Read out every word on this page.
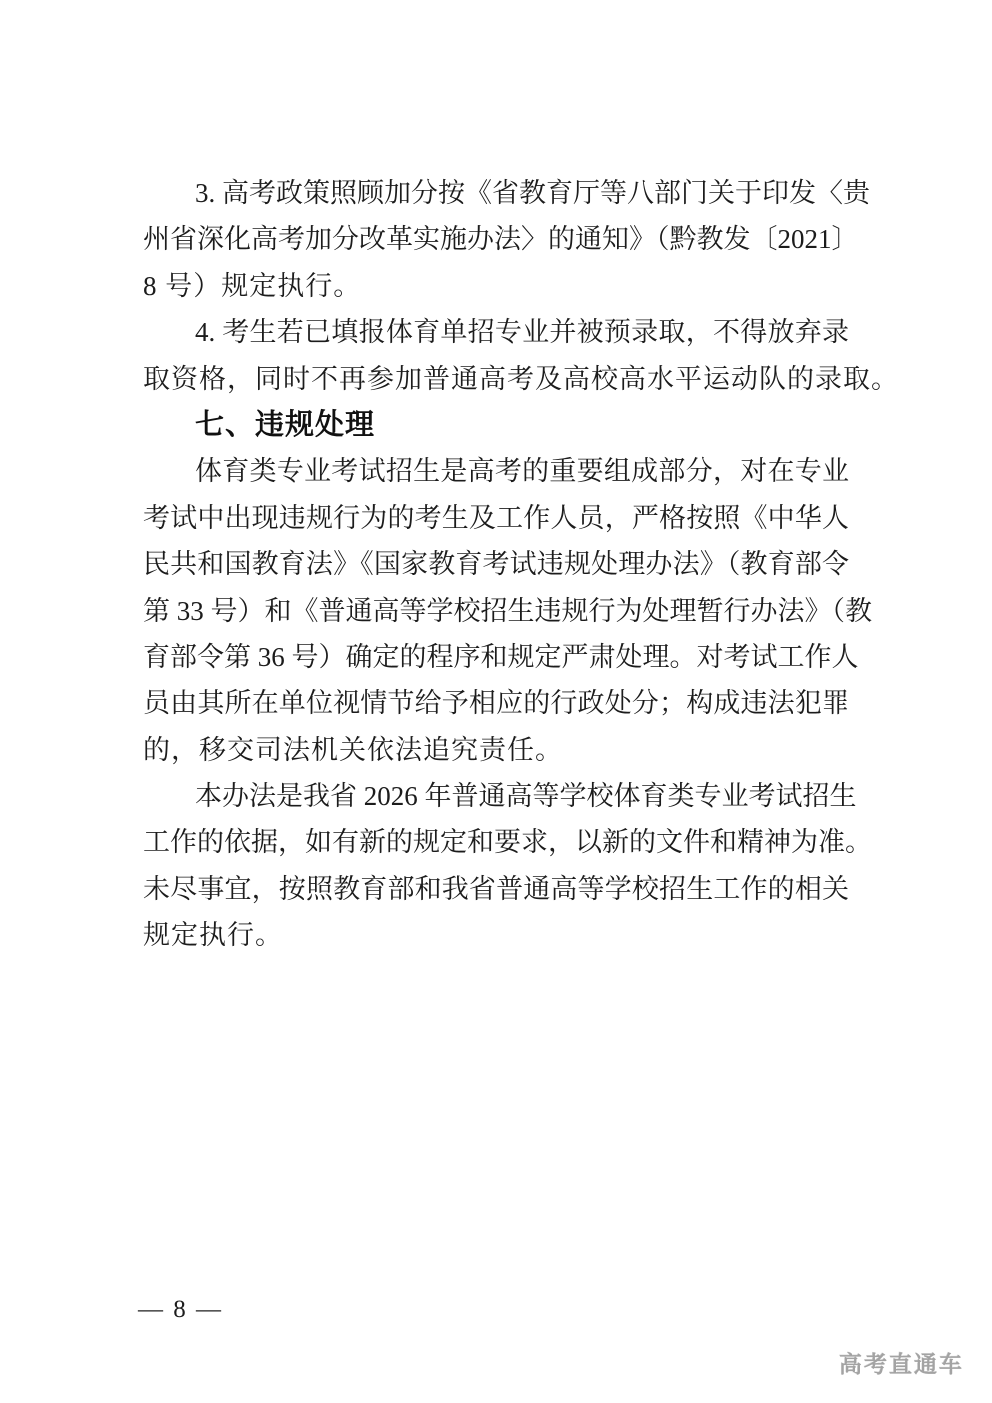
3. 高考政策照顾加分按《省教育厅等八部门关于印发〈贵
州省深化高考加分改革实施办法〉的通知》（黔教发〔2021〕
8 号）规定执行。
4. 考生若已填报体育单招专业并被预录取，不得放弃录
取资格，同时不再参加普通高考及高校高水平运动队的录取。
七、违规处理
体育类专业考试招生是高考的重要组成部分，对在专业
考试中出现违规行为的考生及工作人员，严格按照《中华人
民共和国教育法》《国家教育考试违规处理办法》（教育部令
第 33 号）和《普通高等学校招生违规行为处理暂行办法》（教
育部令第 36 号）确定的程序和规定严肃处理。对考试工作人
员由其所在单位视情节给予相应的行政处分；构成违法犯罪
的，移交司法机关依法追究责任。
本办法是我省 2026 年普通高等学校体育类专业考试招生
工作的依据，如有新的规定和要求，以新的文件和精神为准。
未尽事宜，按照教育部和我省普通高等学校招生工作的相关
规定执行。
— 8 —
高考直通车
